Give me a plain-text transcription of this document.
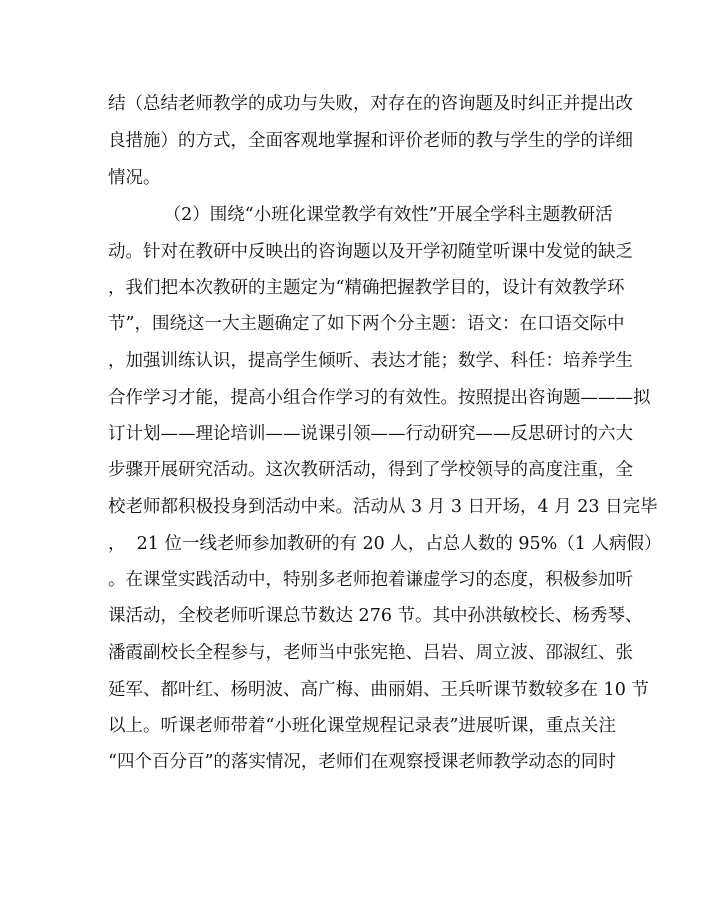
结（总结老师教学的成功与失败，对存在的咨询题及时纠正并提出改

良措施）的方式，全面客观地掌握和评价老师的教与学生的学的详细

情况。

（2）围绕“小班化课堂教学有效性”开展全学科主题教研活

动。针对在教研中反映出的咨询题以及开学初随堂听课中发觉的缺乏

，我们把本次教研的主题定为“精确把握教学目的，设计有效教学环

节”，围绕这一大主题确定了如下两个分主题：语文：在口语交际中

，加强训练认识，提高学生倾听、表达才能；数学、科任：培养学生

合作学习才能，提高小组合作学习的有效性。按照提出咨询题———拟

订计划——理论培训——说课引领——行动研究——反思研讨的六大

步骤开展研究活动。这次教研活动，得到了学校领导的高度注重，全

校老师都积极投身到活动中来。活动从 3 月 3 日开场，4 月 23 日完毕

，  21 位一线老师参加教研的有 20 人，占总人数的 95%（1 人病假）

。在课堂实践活动中，特别多老师抱着谦虚学习的态度，积极参加听

课活动，全校老师听课总节数达 276 节。其中孙洪敏校长、杨秀琴、

潘霞副校长全程参与，老师当中张宪艳、吕岩、周立波、邵淑红、张

延军、都叶红、杨明波、高广梅、曲丽娟、王兵听课节数较多在 10 节

以上。听课老师带着“小班化课堂规程记录表”进展听课，重点关注

“四个百分百”的落实情况，老师们在观察授课老师教学动态的同时
